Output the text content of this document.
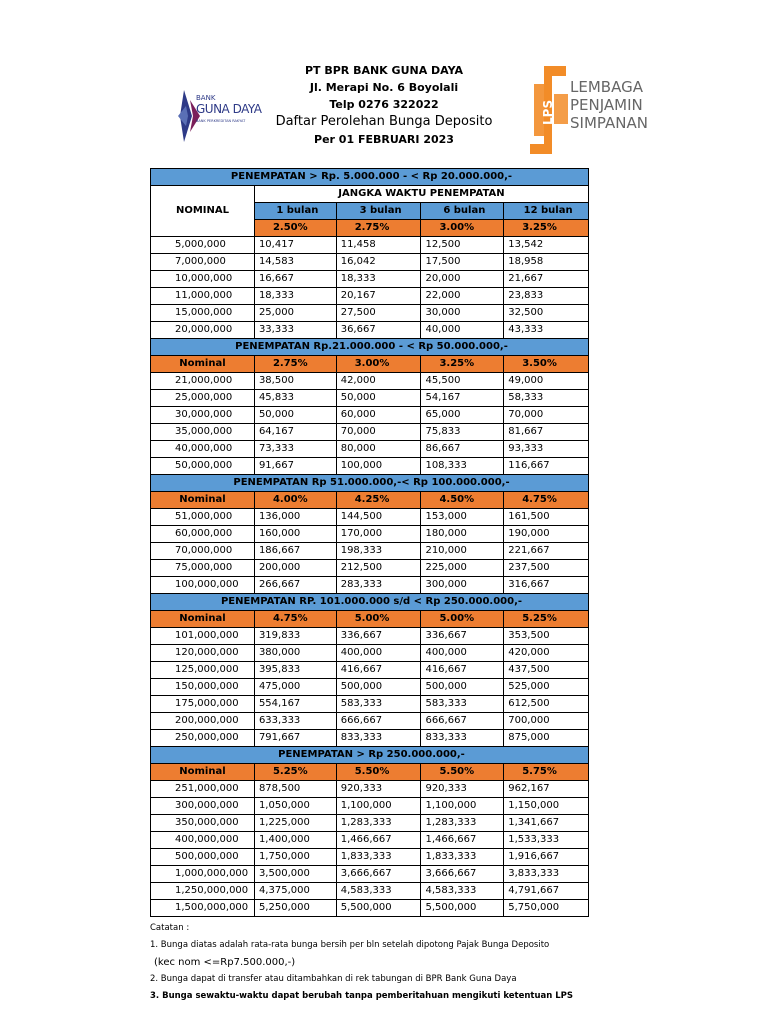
BANK
GUNA DAYA
BANK PERKREDITAN RAKYAT	LPS
LEMBAGA
PENJAMIN
SIMPANAN
PT BPR BANK GUNA DAYA
Jl. Merapi No. 6 Boyolali
Telp 0276 322022
Daftar Perolehan Bunga Deposito
Per 01 FEBRUARI 2023
PENEMPATAN > Rp. 5.000.000 - < Rp 20.000.000,-				
NOMINAL	JANGKA WAKTU PENEMPATAN			
	1 bulan	3 bulan	6 bulan	12 bulan
	2.50%	2.75%	3.00%	3.25%
5,000,000	10,417	11,458	12,500	13,542
7,000,000	14,583	16,042	17,500	18,958
10,000,000	16,667	18,333	20,000	21,667
11,000,000	18,333	20,167	22,000	23,833
15,000,000	25,000	27,500	30,000	32,500
20,000,000	33,333	36,667	40,000	43,333
PENEMPATAN Rp.21.000.000 - < Rp 50.000.000,-				
Nominal	2.75%	3.00%	3.25%	3.50%
21,000,000	38,500	42,000	45,500	49,000
25,000,000	45,833	50,000	54,167	58,333
30,000,000	50,000	60,000	65,000	70,000
35,000,000	64,167	70,000	75,833	81,667
40,000,000	73,333	80,000	86,667	93,333
50,000,000	91,667	100,000	108,333	116,667
PENEMPATAN Rp 51.000.000,-< Rp 100.000.000,-				
Nominal	4.00%	4.25%	4.50%	4.75%
51,000,000	136,000	144,500	153,000	161,500
60,000,000	160,000	170,000	180,000	190,000
70,000,000	186,667	198,333	210,000	221,667
75,000,000	200,000	212,500	225,000	237,500
100,000,000	266,667	283,333	300,000	316,667
PENEMPATAN RP. 101.000.000 s/d < Rp 250.000.000,-				
Nominal	4.75%	5.00%	5.00%	5.25%
101,000,000	319,833	336,667	336,667	353,500
120,000,000	380,000	400,000	400,000	420,000
125,000,000	395,833	416,667	416,667	437,500
150,000,000	475,000	500,000	500,000	525,000
175,000,000	554,167	583,333	583,333	612,500
200,000,000	633,333	666,667	666,667	700,000
250,000,000	791,667	833,333	833,333	875,000
PENEMPATAN > Rp 250.000.000,-				
Nominal	5.25%	5.50%	5.50%	5.75%
251,000,000	878,500	920,333	920,333	962,167
300,000,000	1,050,000	1,100,000	1,100,000	1,150,000
350,000,000	1,225,000	1,283,333	1,283,333	1,341,667
400,000,000	1,400,000	1,466,667	1,466,667	1,533,333
500,000,000	1,750,000	1,833,333	1,833,333	1,916,667
1,000,000,000	3,500,000	3,666,667	3,666,667	3,833,333
1,250,000,000	4,375,000	4,583,333	4,583,333	4,791,667
1,500,000,000	5,250,000	5,500,000	5,500,000	5,750,000
Catatan :
1. Bunga diatas adalah rata-rata bunga bersih per bln setelah dipotong Pajak Bunga Deposito
(kec nom <=Rp7.500.000,-)
2. Bunga dapat di transfer atau ditambahkan di rek tabungan di BPR Bank Guna Daya
3. Bunga sewaktu-waktu dapat berubah tanpa pemberitahuan mengikuti ketentuan LPS
